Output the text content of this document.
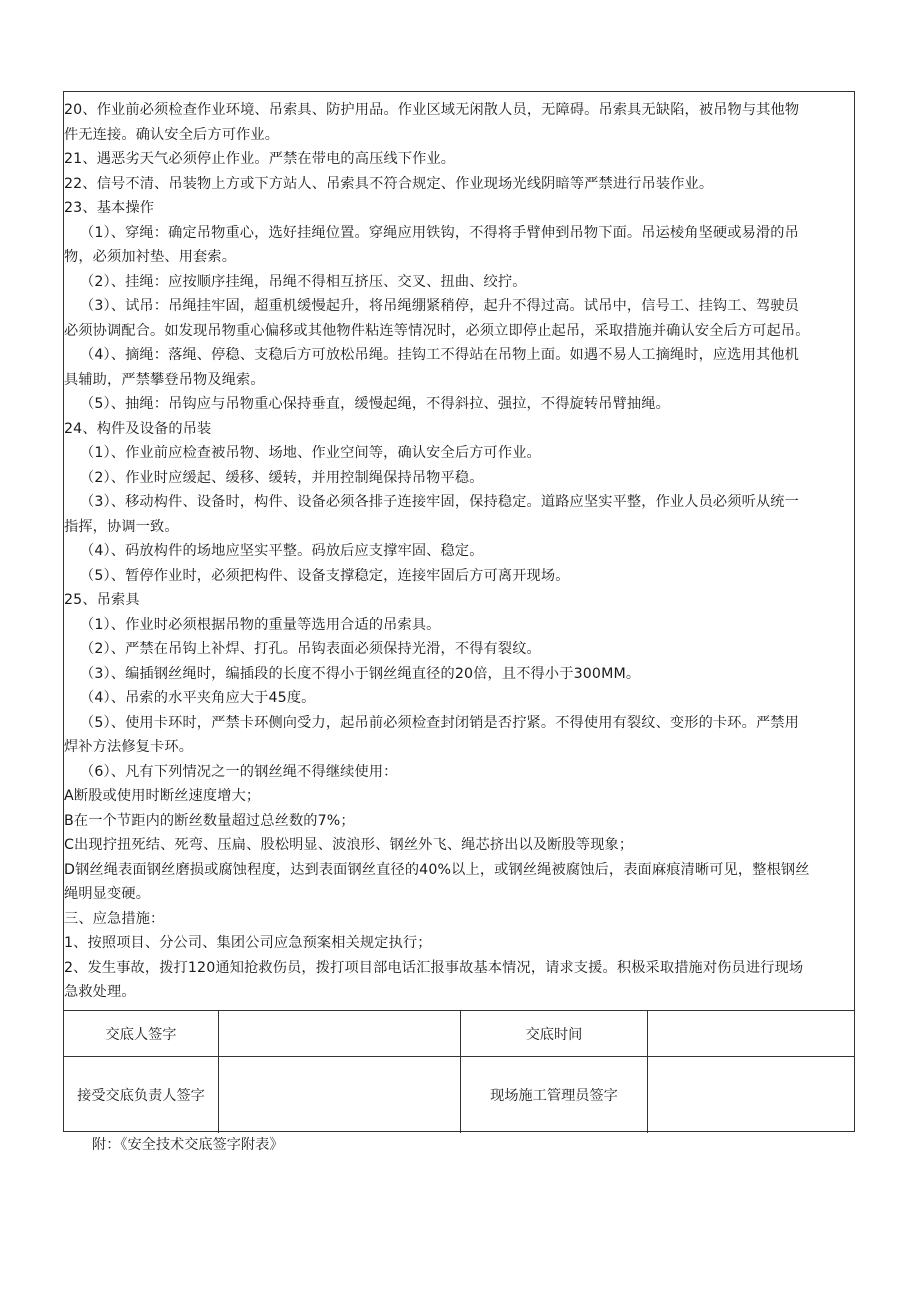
20、作业前必须检查作业环境、吊索具、防护用品。作业区域无闲散人员，无障碍。吊索具无缺陷，被吊物与其他物
件无连接。确认安全后方可作业。
21、遇恶劣天气必须停止作业。严禁在带电的高压线下作业。
22、信号不清、吊装物上方或下方站人、吊索具不符合规定、作业现场光线阴暗等严禁进行吊装作业。
23、基本操作
（1）、穿绳：确定吊物重心，选好挂绳位置。穿绳应用铁钩，不得将手臂伸到吊物下面。吊运棱角坚硬或易滑的吊
物，必须加衬垫、用套索。
（2）、挂绳：应按顺序挂绳，吊绳不得相互挤压、交叉、扭曲、绞拧。
（3）、试吊：吊绳挂牢固，超重机缓慢起升，将吊绳绷紧稍停，起升不得过高。试吊中，信号工、挂钩工、驾驶员
必须协调配合。如发现吊物重心偏移或其他物件粘连等情况时，必须立即停止起吊，采取措施并确认安全后方可起吊。
（4）、摘绳：落绳、停稳、支稳后方可放松吊绳。挂钩工不得站在吊物上面。如遇不易人工摘绳时，应选用其他机
具辅助，严禁攀登吊物及绳索。
（5）、抽绳：吊钩应与吊物重心保持垂直，缓慢起绳，不得斜拉、强拉，不得旋转吊臂抽绳。
24、构件及设备的吊装
（1）、作业前应检查被吊物、场地、作业空间等，确认安全后方可作业。
（2）、作业时应缓起、缓移、缓转，并用控制绳保持吊物平稳。
（3）、移动构件、设备时，构件、设备必须各排子连接牢固，保持稳定。道路应坚实平整，作业人员必须听从统一
指挥，协调一致。
（4）、码放构件的场地应坚实平整。码放后应支撑牢固、稳定。
（5）、暂停作业时，必须把构件、设备支撑稳定，连接牢固后方可离开现场。
25、吊索具
（1）、作业时必须根据吊物的重量等选用合适的吊索具。
（2）、严禁在吊钩上补焊、打孔。吊钩表面必须保持光滑，不得有裂纹。
（3）、编插钢丝绳时，编插段的长度不得小于钢丝绳直径的20倍，且不得小于300MM。
（4）、吊索的水平夹角应大于45度。
（5）、使用卡环时，严禁卡环侧向受力，起吊前必须检查封闭销是否拧紧。不得使用有裂纹、变形的卡环。严禁用
焊补方法修复卡环。
（6）、凡有下列情况之一的钢丝绳不得继续使用：
A断股或使用时断丝速度增大；
B在一个节距内的断丝数量超过总丝数的7%；
C出现拧扭死结、死弯、压扁、股松明显、波浪形、钢丝外飞、绳芯挤出以及断股等现象；
D钢丝绳表面钢丝磨损或腐蚀程度，达到表面钢丝直径的40%以上，或钢丝绳被腐蚀后，表面麻痕清晰可见，整根钢丝
绳明显变硬。
三、应急措施：
1、按照项目、分公司、集团公司应急预案相关规定执行；
2、发生事故，拨打120通知抢救伤员，拨打项目部电话汇报事故基本情况，请求支援。积极采取措施对伤员进行现场
急救处理。
交底人签字	交底时间
接受交底负责人签字	现场施工管理员签字
附：《安全技术交底签字附表》
